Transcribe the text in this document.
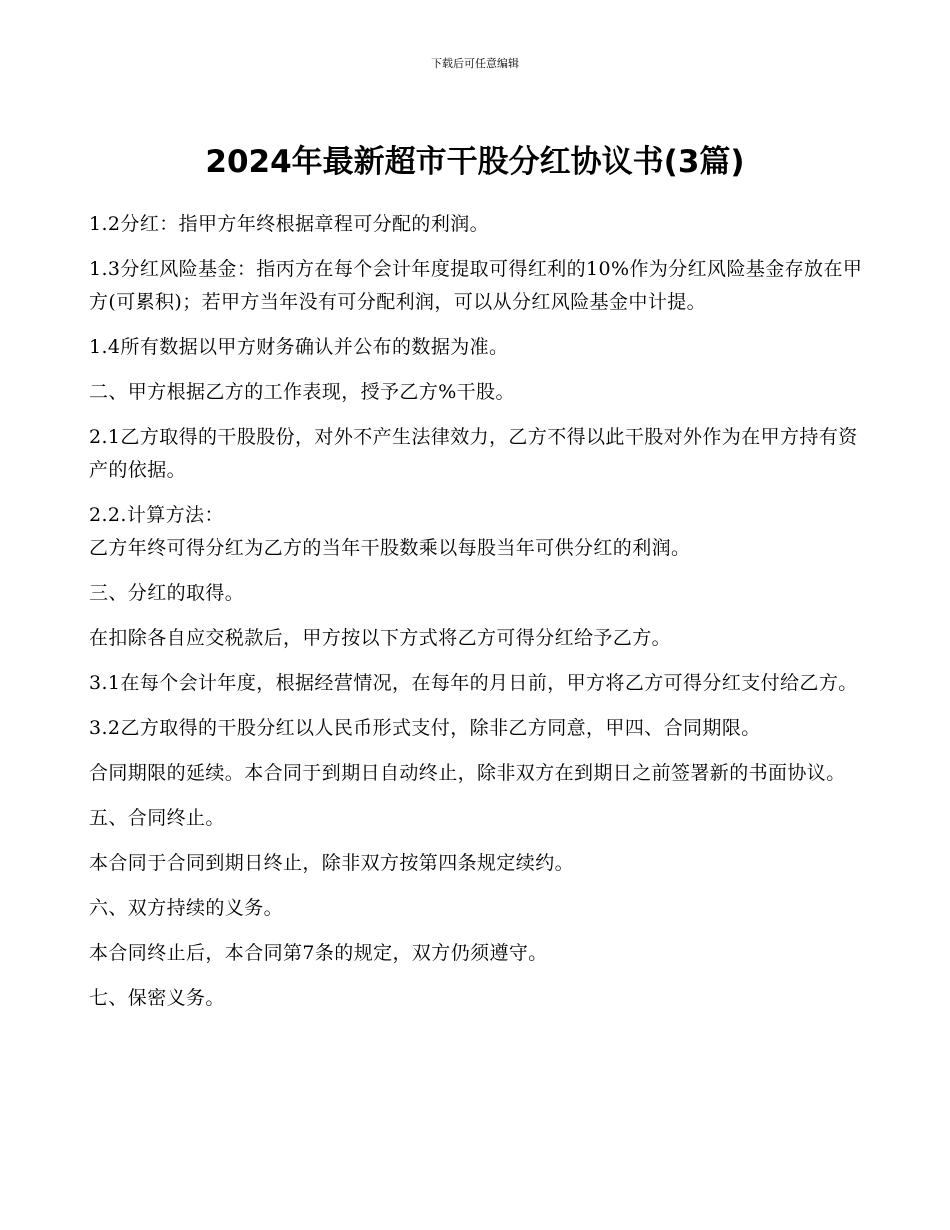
下载后可任意编辑
2024年最新超市干股分红协议书(3篇)

1.2分红：指甲方年终根据章程可分配的利润。

1.3分红风险基金：指丙方在每个会计年度提取可得红利的10%作为分红风险基金存放在甲方(可累积)；若甲方当年没有可分配利润，可以从分红风险基金中计提。

1.4所有数据以甲方财务确认并公布的数据为准。

二、甲方根据乙方的工作表现，授予乙方%干股。

2.1乙方取得的干股股份，对外不产生法律效力，乙方不得以此干股对外作为在甲方持有资产的依据。

2.2.计算方法：

乙方年终可得分红为乙方的当年干股数乘以每股当年可供分红的利润。

三、分红的取得。

在扣除各自应交税款后，甲方按以下方式将乙方可得分红给予乙方。

3.1在每个会计年度，根据经营情况，在每年的月日前，甲方将乙方可得分红支付给乙方。

3.2乙方取得的干股分红以人民币形式支付，除非乙方同意，甲四、合同期限。

合同期限的延续。本合同于到期日自动终止，除非双方在到期日之前签署新的书面协议。

五、合同终止。

本合同于合同到期日终止，除非双方按第四条规定续约。

六、双方持续的义务。

本合同终止后，本合同第7条的规定，双方仍须遵守。

七、保密义务。
